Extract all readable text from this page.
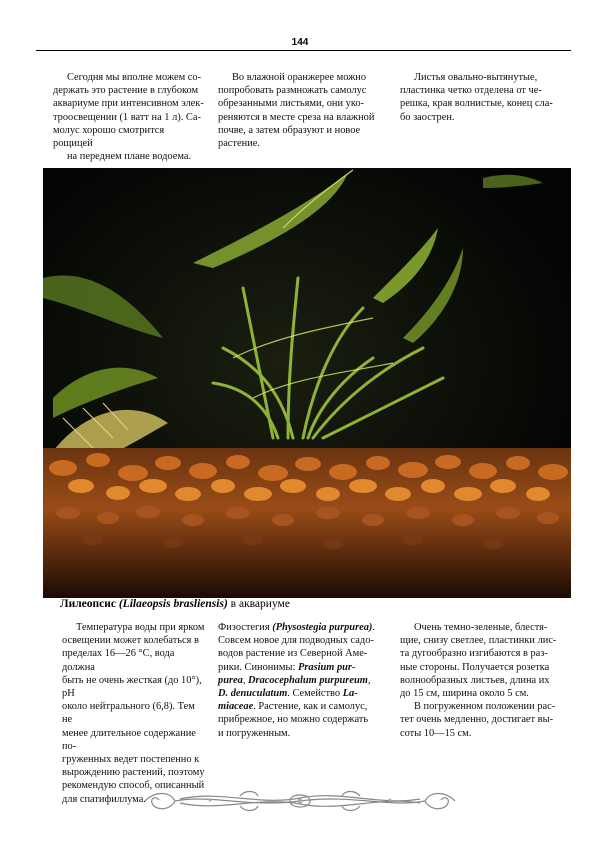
144

Сегодня мы вполне можем со-
держать это растение в глубоком
аквариуме при интенсивном элек-
троосвещении (1 ватт на 1 л). Са-
молус хорошо смотрится рощицей

на переднем плане водоема.

Во влажной оранжерее можно
попробовать размножать самолус
обрезанными листьями, они уко-
реняются в месте среза на влажной
почве, а затем образуют и новое
растение.

Листья овально-вытянутые,
пластинка четко отделена от че-
решка, края волнистые, конец сла-
бо заострен.

Лилеопсис (Lilaeopsis brasliensis) в аквариуме

Температура воды при ярком
освещении может колебаться в
пределах 16—26 °С, вода должна
быть не очень жесткая (до 10°), рН
около нейтрального (6,8). Тем не
менее длительное содержание по-
груженных ведет постепенно к
вырождению растений, поэтому
рекомендую способ, описанный
для спатифиллума.

Физостегия (Physostegia purpurea).
Совсем новое для подводных садо-
водов растение из Северной Аме-
рики. Синонимы: Prasium pur-
purea, Dracocephalum purpureum,
D. denuculatum. Семейство La-
miaceae. Растение, как и самолус,
прибрежное, но можно содержать
и погруженным.

Очень темно-зеленые, блестя-
щие, снизу светлее, пластинки лис-
та дугообразно изгибаются в раз-
ные стороны. Получается розетка
волнообразных листьев, длина их
до 15 см, ширина около 5 см.

В погруженном положении рас-
тет очень медленно, достигает вы-
соты 10—15 см.
